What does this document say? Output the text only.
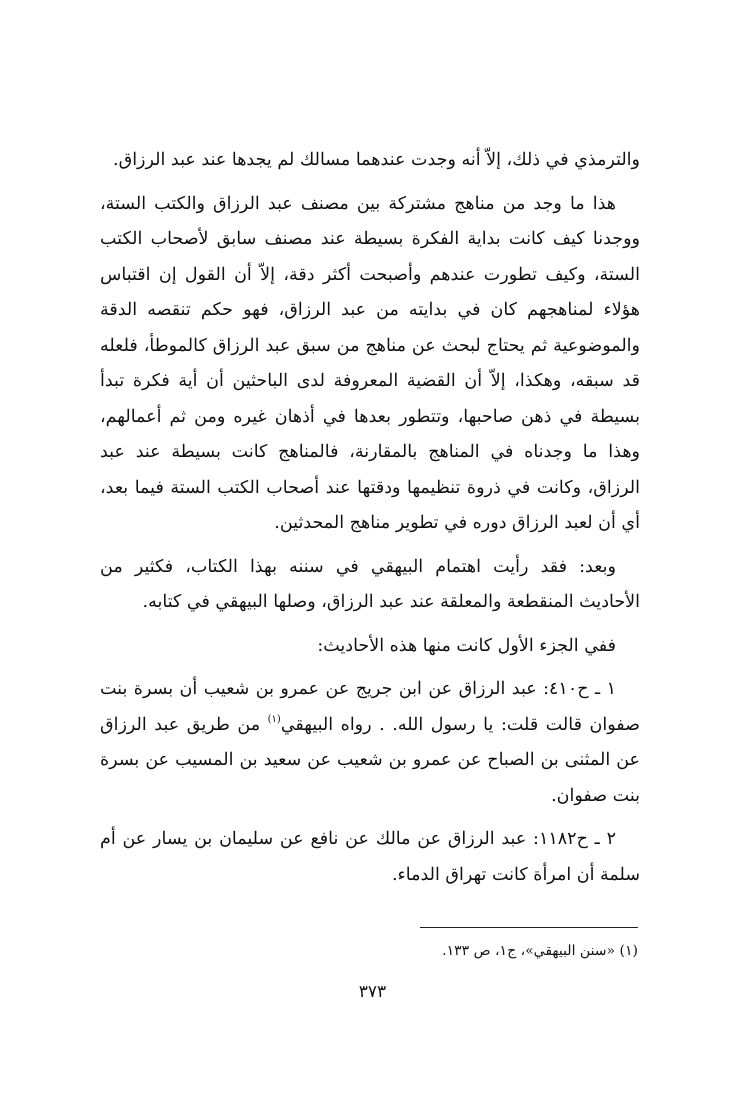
والترمذي في ذلك، إلاّ أنه وجدت عندهما مسالك لم يجدها عند عبد الرزاق.

هذا ما وجد من مناهج مشتركة بين مصنف عبد الرزاق والكتب الستة، ووجدنا كيف كانت بداية الفكرة بسيطة عند مصنف سابق لأصحاب الكتب الستة، وكيف تطورت عندهم وأصبحت أكثر دقة، إلاّ أن القول إن اقتباس هؤلاء لمناهجهم كان في بدايته من عبد الرزاق، فهو حكم تنقصه الدقة والموضوعية ثم يحتاج لبحث عن مناهج من سبق عبد الرزاق كالموطأ، فلعله قد سبقه، وهكذا، إلاّ أن القضية المعروفة لدى الباحثين أن أية فكرة تبدأ بسيطة في ذهن صاحبها، وتتطور بعدها في أذهان غيره ومن ثم أعمالهم، وهذا ما وجدناه في المناهج بالمقارنة، فالمناهج كانت بسيطة عند عبد الرزاق، وكانت في ذروة تنظيمها ودقتها عند أصحاب الكتب الستة فيما بعد، أي أن لعبد الرزاق دوره في تطوير مناهج المحدثين.

وبعد: فقد رأيت اهتمام البيهقي في سننه بهذا الكتاب، فكثير من الأحاديث المنقطعة والمعلقة عند عبد الرزاق، وصلها البيهقي في كتابه.

ففي الجزء الأول كانت منها هذه الأحاديث:

١ ـ ح٤١٠: عبد الرزاق عن ابن جريج عن عمرو بن شعيب أن بسرة بنت صفوان قالت قلت: يا رسول الله. . رواه البيهقي$^{(١)}$ من طريق عبد الرزاق عن المثنى بن الصباح عن عمرو بن شعيب عن سعيد بن المسيب عن بسرة بنت صفوان.

٢ ـ ح١١٨٢: عبد الرزاق عن مالك عن نافع عن سليمان بن يسار عن أم سلمة أن امرأة كانت تهراق الدماء.

(١) «سنن البيهقي»، ج١، ص ١٣٣.
٣٧٣
